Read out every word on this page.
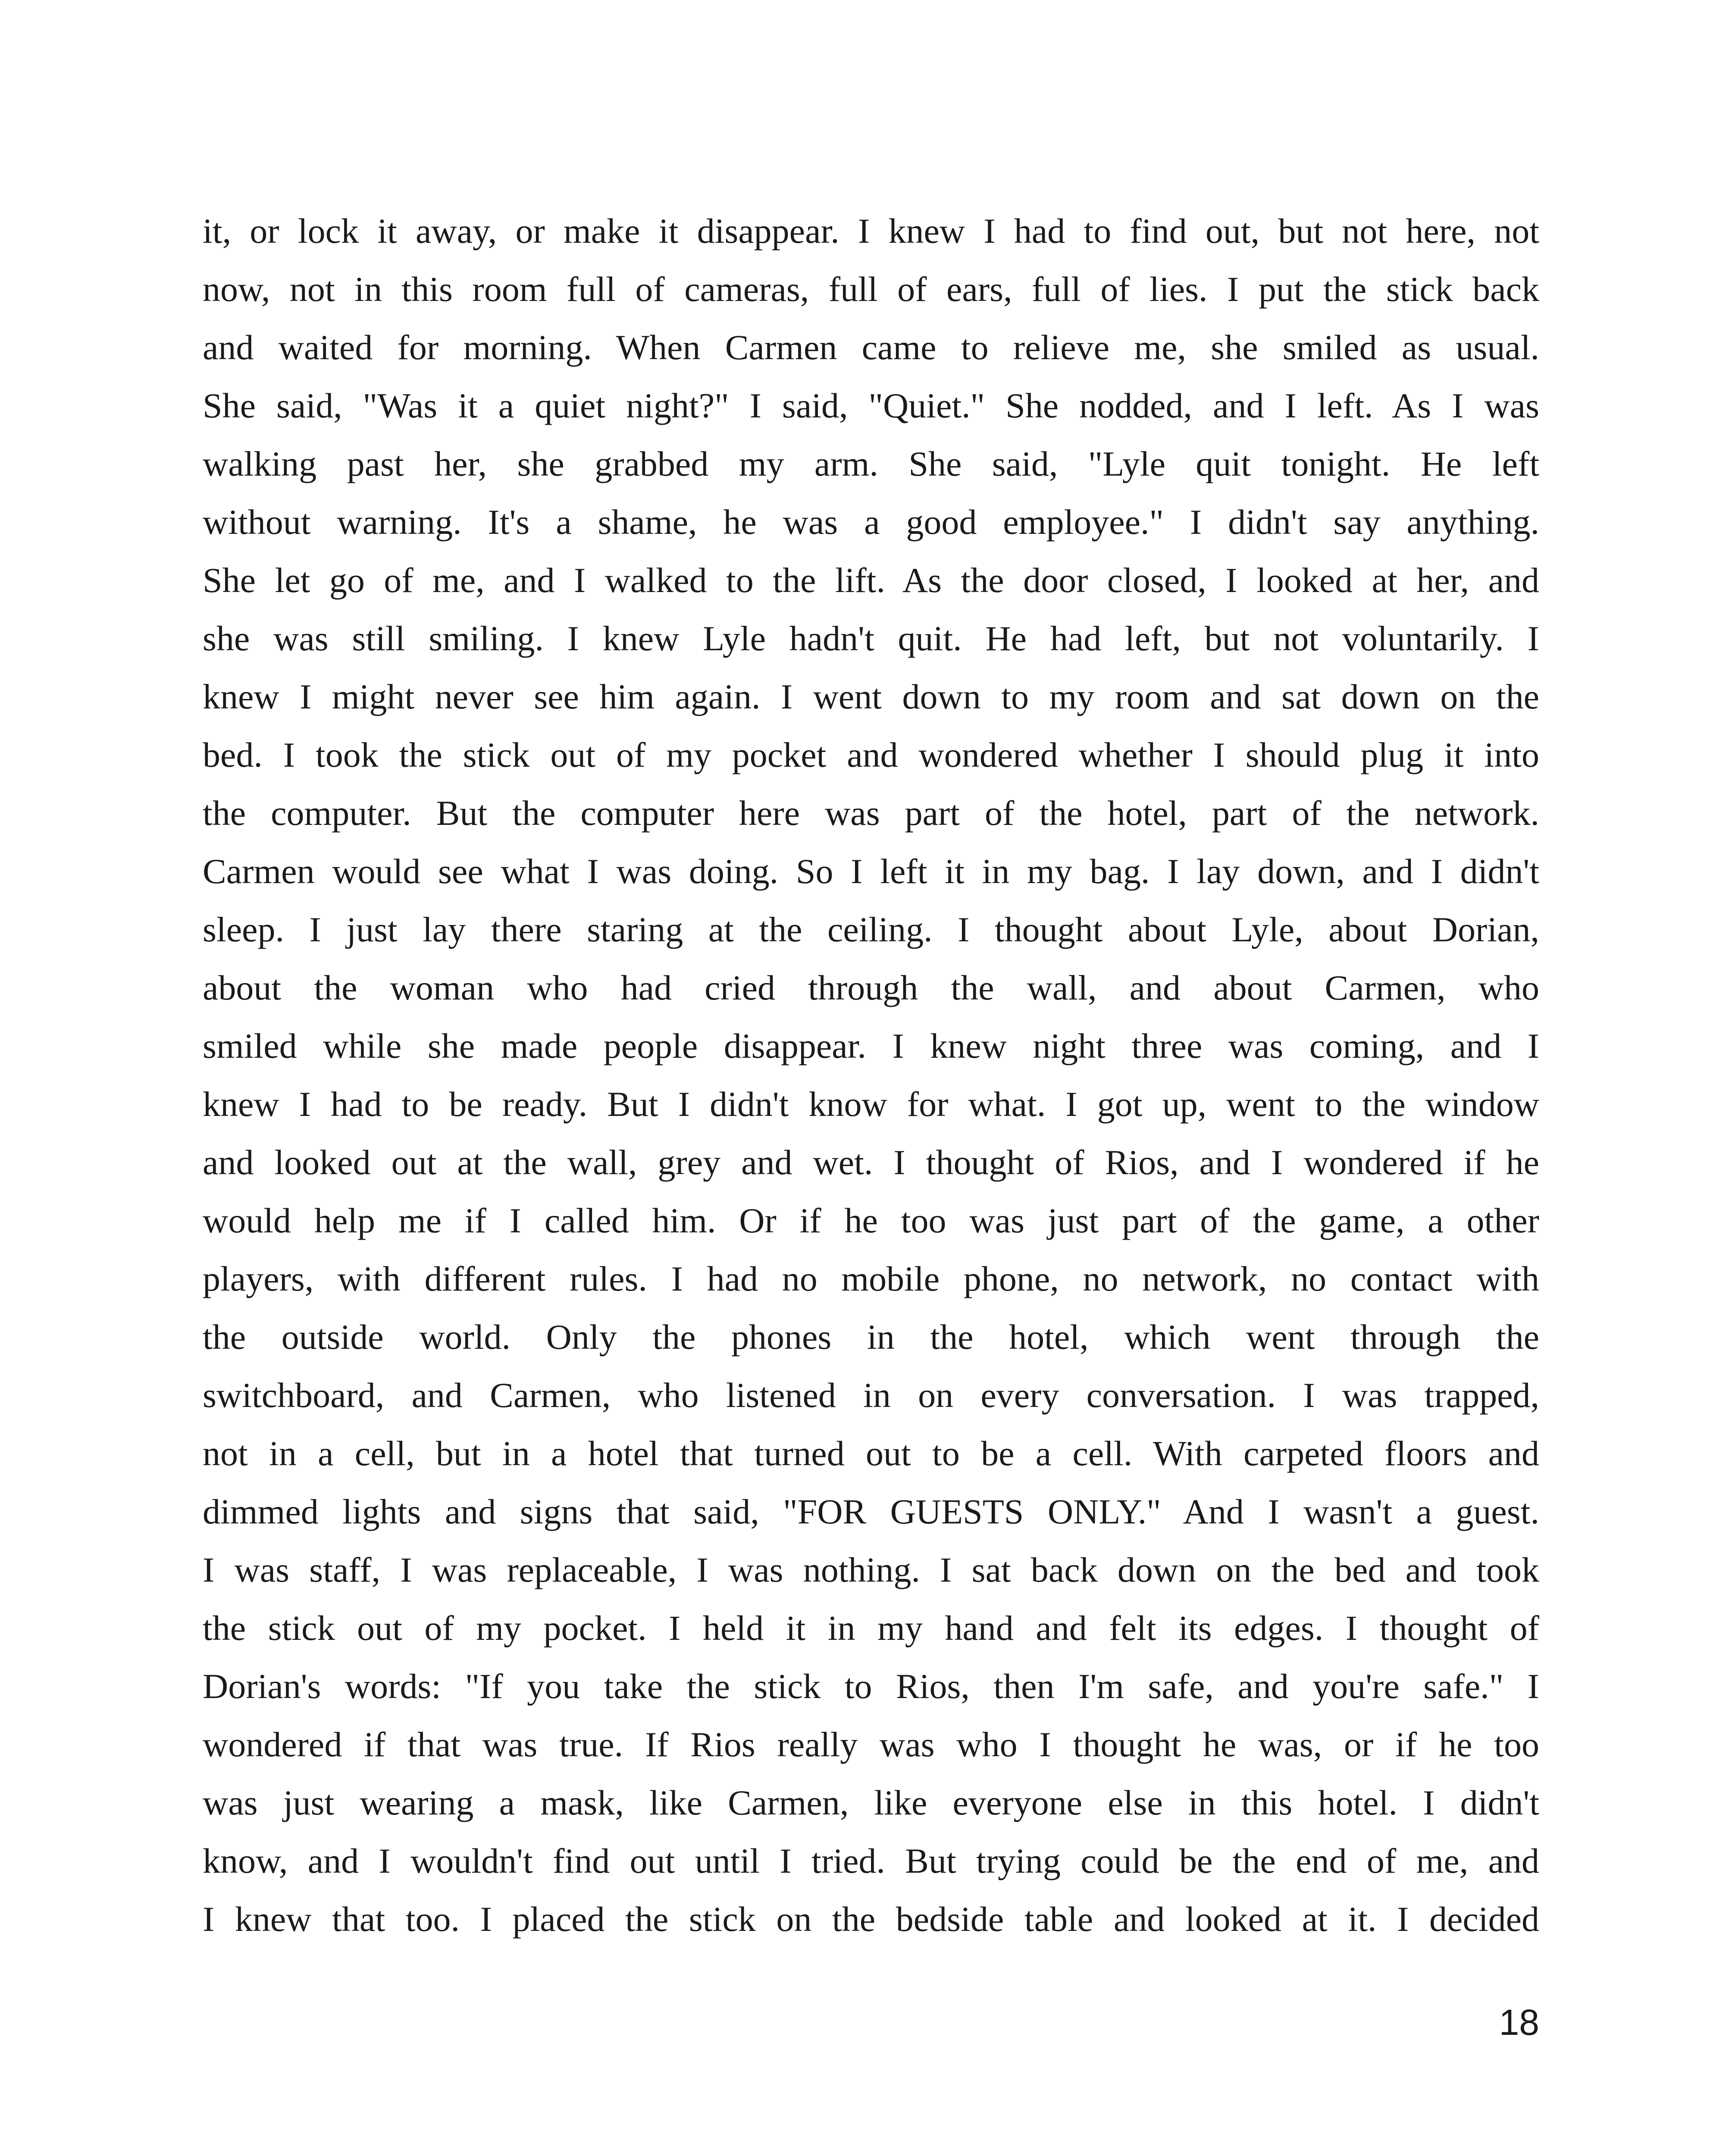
it, or lock it away, or make it disappear. I knew I had to find out, but not here, not
now, not in this room full of cameras, full of ears, full of lies. I put the stick back
and waited for morning. When Carmen came to relieve me, she smiled as usual.
She said, "Was it a quiet night?" I said, "Quiet." She nodded, and I left. As I was
walking past her, she grabbed my arm. She said, "Lyle quit tonight. He left
without warning. It's a shame, he was a good employee." I didn't say anything.
She let go of me, and I walked to the lift. As the door closed, I looked at her, and
she was still smiling. I knew Lyle hadn't quit. He had left, but not voluntarily. I
knew I might never see him again. I went down to my room and sat down on the
bed. I took the stick out of my pocket and wondered whether I should plug it into
the computer. But the computer here was part of the hotel, part of the network.
Carmen would see what I was doing. So I left it in my bag. I lay down, and I didn't
sleep. I just lay there staring at the ceiling. I thought about Lyle, about Dorian,
about the woman who had cried through the wall, and about Carmen, who
smiled while she made people disappear. I knew night three was coming, and I
knew I had to be ready. But I didn't know for what. I got up, went to the window
and looked out at the wall, grey and wet. I thought of Rios, and I wondered if he
would help me if I called him. Or if he too was just part of the game, a other
players, with different rules. I had no mobile phone, no network, no contact with
the outside world. Only the phones in the hotel, which went through the
switchboard, and Carmen, who listened in on every conversation. I was trapped,
not in a cell, but in a hotel that turned out to be a cell. With carpeted floors and
dimmed lights and signs that said, "FOR GUESTS ONLY." And I wasn't a guest.
I was staff, I was replaceable, I was nothing. I sat back down on the bed and took
the stick out of my pocket. I held it in my hand and felt its edges. I thought of
Dorian's words: "If you take the stick to Rios, then I'm safe, and you're safe." I
wondered if that was true. If Rios really was who I thought he was, or if he too
was just wearing a mask, like Carmen, like everyone else in this hotel. I didn't
know, and I wouldn't find out until I tried. But trying could be the end of me, and
I knew that too. I placed the stick on the bedside table and looked at it. I decided
18
